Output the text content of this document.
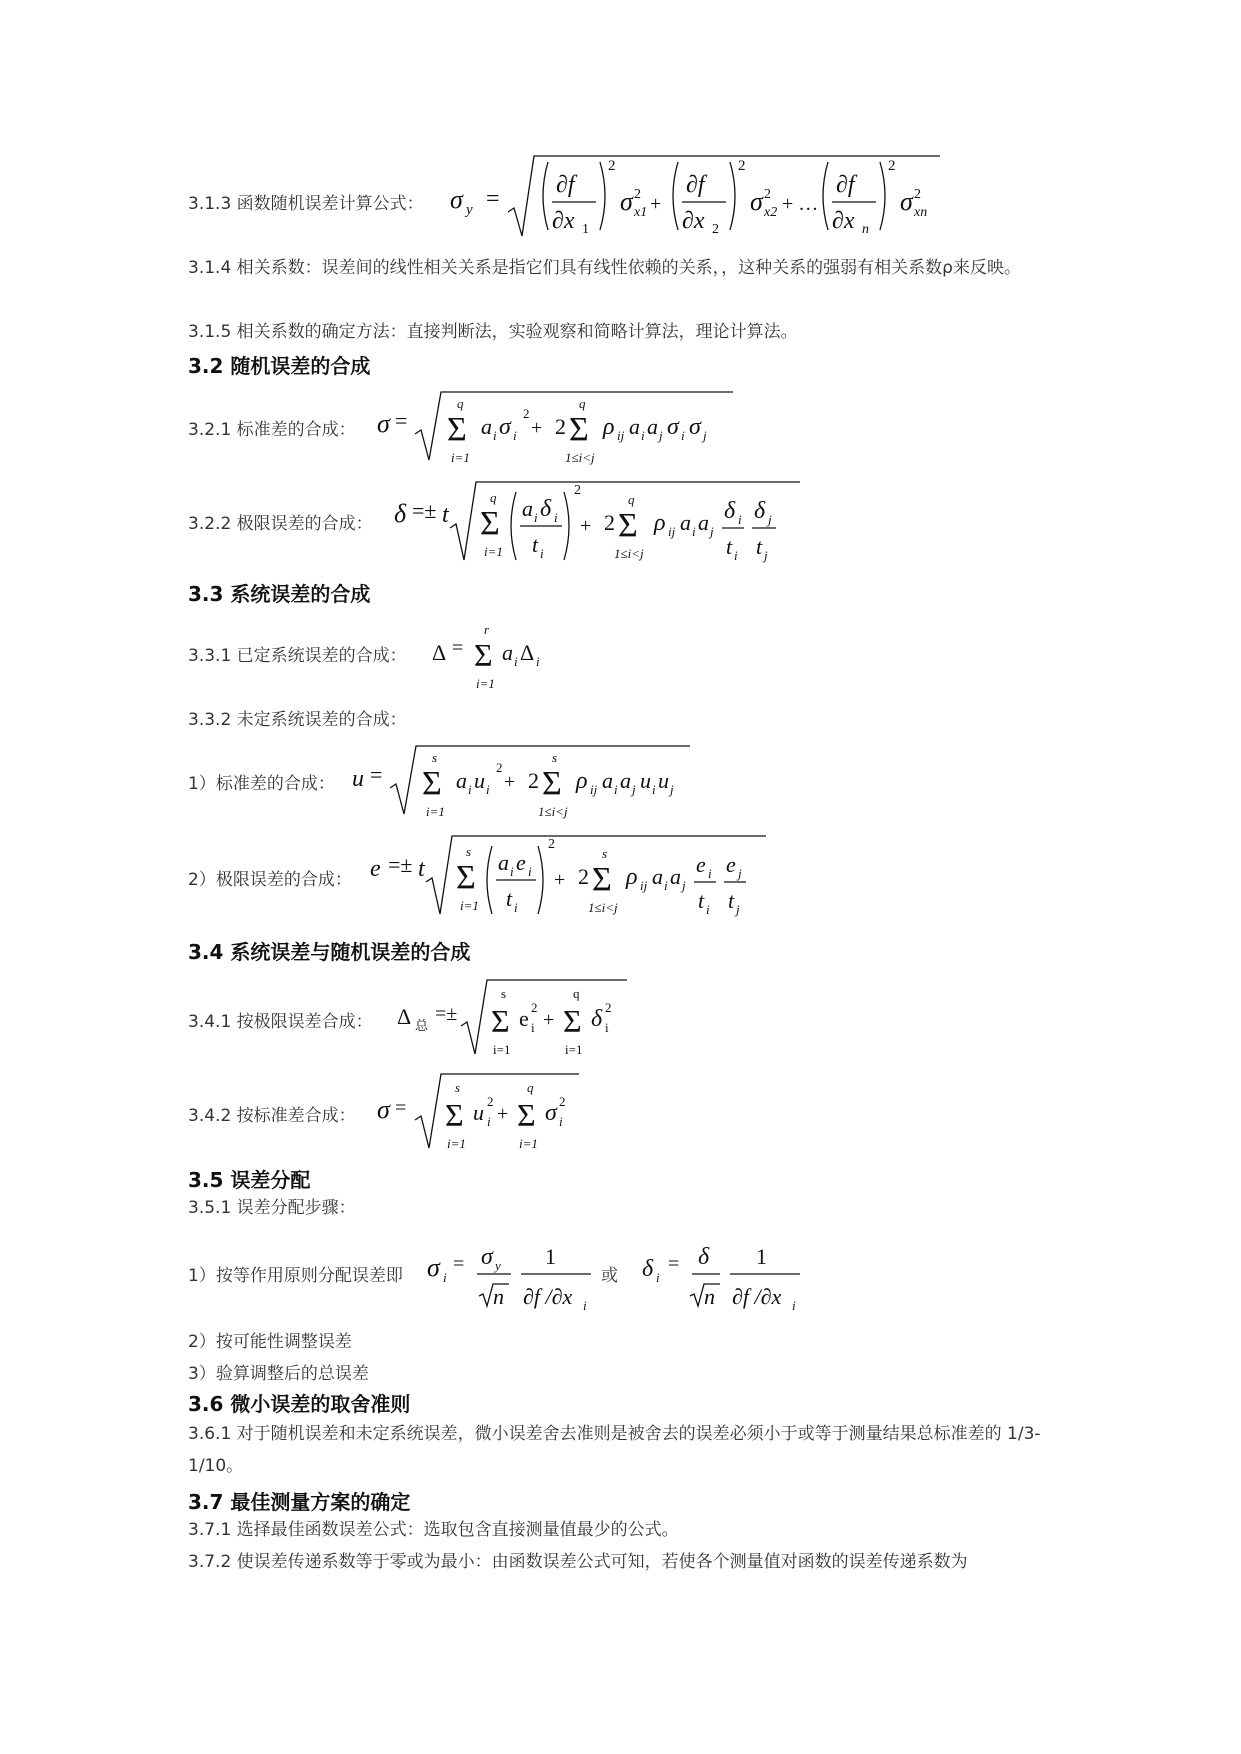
3.1.3 函数随机误差计算公式： σ y =
∂f
∂x 1
2
σ 2
x1 +
∂f
∂x 2
2
σ 2
x2 + …
∂f
∂x n
2
σ 2
xn
3.1.4 相关系数：误差间的线性相关关系是指它们具有线性依赖的关系，，这种关系的强弱有相关系数ρ来反映。
3.1.5 相关系数的确定方法：直接判断法，实验观察和简略计算法，理论计算法。
3.2 随机误差的合成
3.2.1 标准差的合成： σ = Σ
q
i=1
a i σ i
2
+ 2 Σ
q
1≤i<j
ρ ij a i a j σ i σ j
3.2.2 极限误差的合成： δ =± t Σ
q
i=1
a i δ i
t i
2
+ 2 Σ
q
1≤i<j
ρ ij a i a j
δ i
t i
δ j
t j
3.3 系统误差的合成
3.3.1 已定系统误差的合成： Δ = Σ
r
i=1
a i Δ i
3.3.2 未定系统误差的合成：
1）标准差的合成： u = Σ
s
i=1
a i u i
2
+ 2 Σ
s
1≤i<j
ρ ij a i a j u i u j
2）极限误差的合成： e =± t Σ
s
i=1
a i e i
t i
2
+ 2 Σ
s
1≤i<j
ρ ij a i a j
e i
t i
e j
t j
3.4 系统误差与随机误差的合成
3.4.1 按极限误差合成： Δ 总
=± Σ
s
i=1
e 2
i + Σ
q
i=1
δ 2
i
3.4.2 按标准差合成： σ = Σ
s
i=1
u 2
i + Σ
q
i=1
σ 2
i
3.5 误差分配
3.5.1 误差分配步骤：
1）按等作用原则分配误差即 σ i
= σ y
n
1
∂f /∂x i
或 δ i
= δ
n
1
∂f /∂x i
2）按可能性调整误差
3）验算调整后的总误差
3.6 微小误差的取舍准则
3.6.1 对于随机误差和未定系统误差，微小误差舍去准则是被舍去的误差必须小于或等于测量结果总标准差的 1/3-1/10。
3.7 最佳测量方案的确定
3.7.1 选择最佳函数误差公式：选取包含直接测量值最少的公式。
3.7.2 使误差传递系数等于零或为最小：由函数误差公式可知，若使各个测量值对函数的误差传递系数为
